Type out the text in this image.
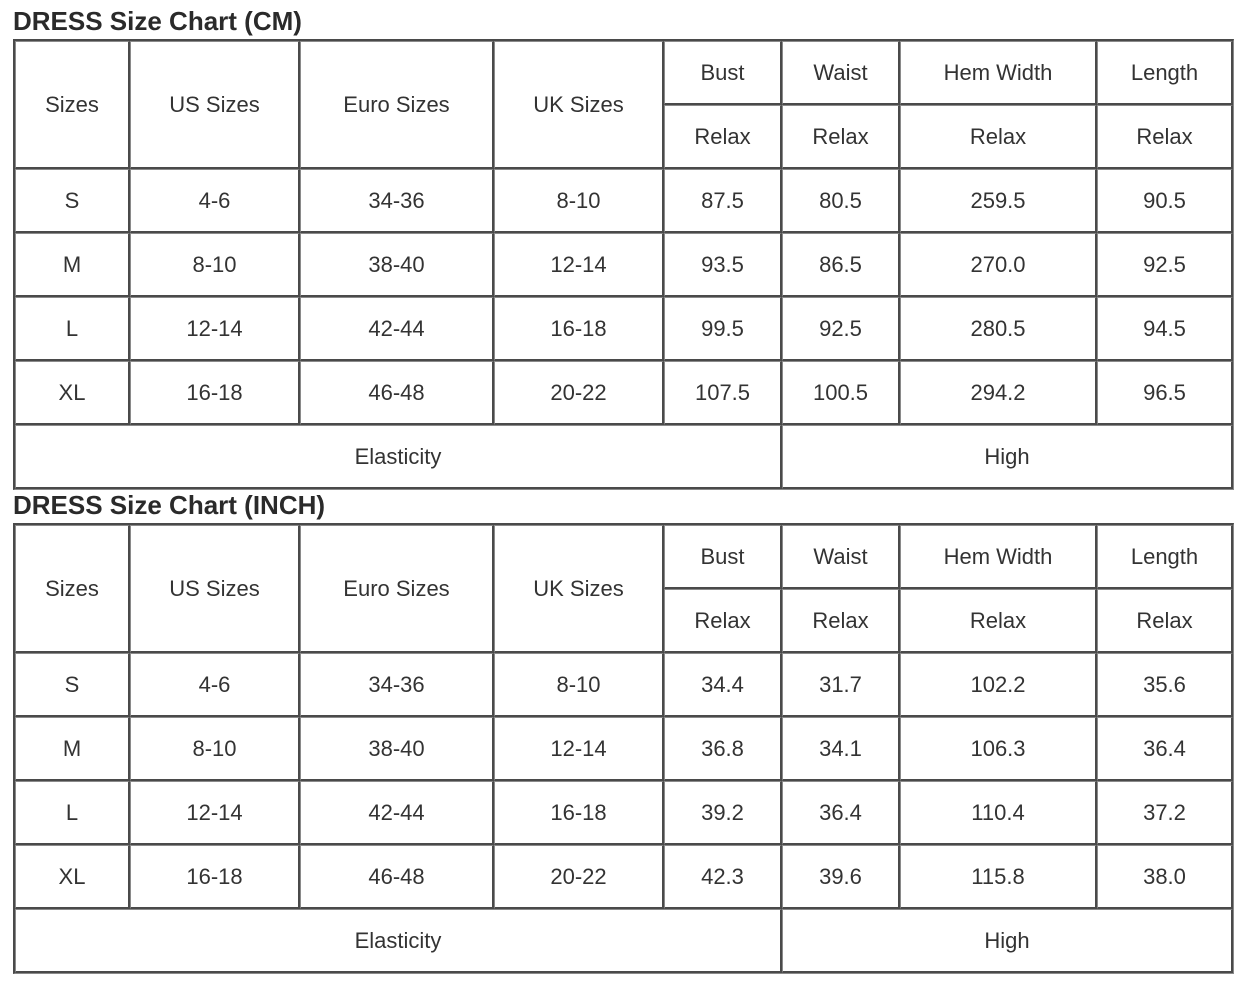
DRESS Size Chart (CM)
Sizes	US Sizes	Euro Sizes	UK Sizes	Bust	Waist	Hem Width	Length
				Relax	Relax	Relax	Relax
S	4-6	34-36	8-10	87.5	80.5	259.5	90.5
M	8-10	38-40	12-14	93.5	86.5	270.0	92.5
L	12-14	42-44	16-18	99.5	92.5	280.5	94.5
XL	16-18	46-48	20-22	107.5	100.5	294.2	96.5
Elasticity					High		
DRESS Size Chart (INCH)
Sizes	US Sizes	Euro Sizes	UK Sizes	Bust	Waist	Hem Width	Length
				Relax	Relax	Relax	Relax
S	4-6	34-36	8-10	34.4	31.7	102.2	35.6
M	8-10	38-40	12-14	36.8	34.1	106.3	36.4
L	12-14	42-44	16-18	39.2	36.4	110.4	37.2
XL	16-18	46-48	20-22	42.3	39.6	115.8	38.0
Elasticity					High		
